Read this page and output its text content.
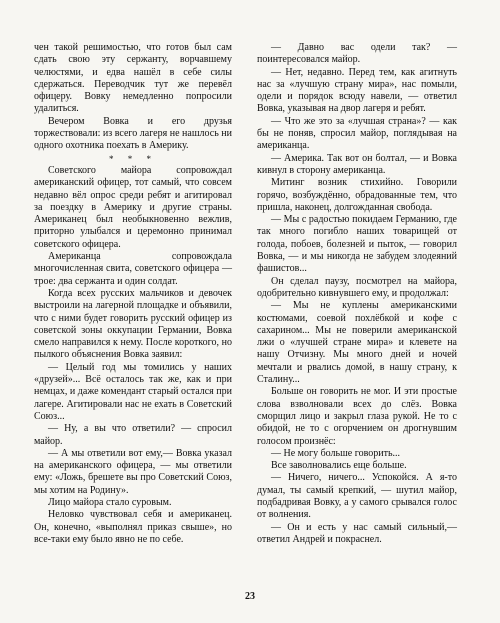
чен такой решимостью, что готов был сам сдать свою эту сержанту, ворчавшему челюстями, и едва нашёл в себе силы сдержаться. Переводчик тут же перевёл офицеру. Вовку немедленно попросили удалиться.

Вечером Вовка и его друзья торжествовали: из всего лагеря не нашлось ни одного охотника поехать в Америку.

* * *

Советского майора сопровождал американский офицер, тот самый, что совсем недавно вёл опрос среди ребят и агитировал за поездку в Америку и другие страны. Американец был необыкновенно вежлив, приторно улыбался и церемонно принимал советского офицера.

Американца сопровождала многочисленная свита, советского офицера — трое: два сержанта и один солдат.

Когда всех русских мальчиков и девочек выстроили на лагерной площадке и объявили, что с ними будет говорить русский офицер из советской зоны оккупации Германии, Вовка смело направился к нему. После короткого, но пылкого объяснения Вовка заявил:

— Целый год мы томились у наших «друзей»... Всё осталось так же, как и при немцах, и даже комендант старый остался при лагере. Агитировали нас не ехать в Советский Союз...

— Ну, а вы что ответили? — спросил майор.

— А мы ответили вот ему,— Вовка указал на американского офицера, — мы ответили ему: «Ложь, брешете вы про Советский Союз, мы хотим на Родину».

Лицо майора стало суровым.

Неловко чувствовал себя и американец. Он, конечно, «выполнял приказ свыше», но все-таки ему было явно не по себе.

— Давно вас одели так? — поинтересовался майор.

— Нет, недавно. Перед тем, как агитнуть нас за «лучшую страну мира», нас помыли, одели и порядок всюду навели, — ответил Вовка, указывая на двор лагеря и ребят.

— Что же это за «лучшая страна»? — как бы не поняв, спросил майор, поглядывая на американца.

— Америка. Так вот он болтал, — и Вовка кивнул в сторону американца.

Митинг возник стихийно. Говорили горячо, возбуждённо, обрадованные тем, что пришла, наконец, долгожданная свобода.

— Мы с радостью покидаем Германию, где так много погибло наших товарищей от голода, побоев, болезней и пыток, — говорил Вовка, — и мы никогда не забудем злодеяний фашистов...

Он сделал паузу, посмотрел на майора, одобрительно кивнувшего ему, и продолжал:

— Мы не куплены американскими костюмами, соевой похлёбкой и кофе с сахарином... Мы не поверили американской лжи о «лучшей стране мира» и клевете на нашу Отчизну. Мы много дней и ночей мечтали и рвались домой, в нашу страну, к Сталину...

Больше он говорить не мог. И эти простые слова взволновали всех до слёз. Вовка сморщил лицо и закрыл глаза рукой. Не то с обидой, не то с огорчением он дрогнувшим голосом произнёс:

— Не могу больше говорить...

Все заволновались еще больше.

— Ничего, ничего... Успокойся. А я-то думал, ты самый крепкий, — шутил майор, подбадривая Вовку, а у самого срывался голос от волнения.

— Он и есть у нас самый сильный,— ответил Андрей и покраснел.

23
